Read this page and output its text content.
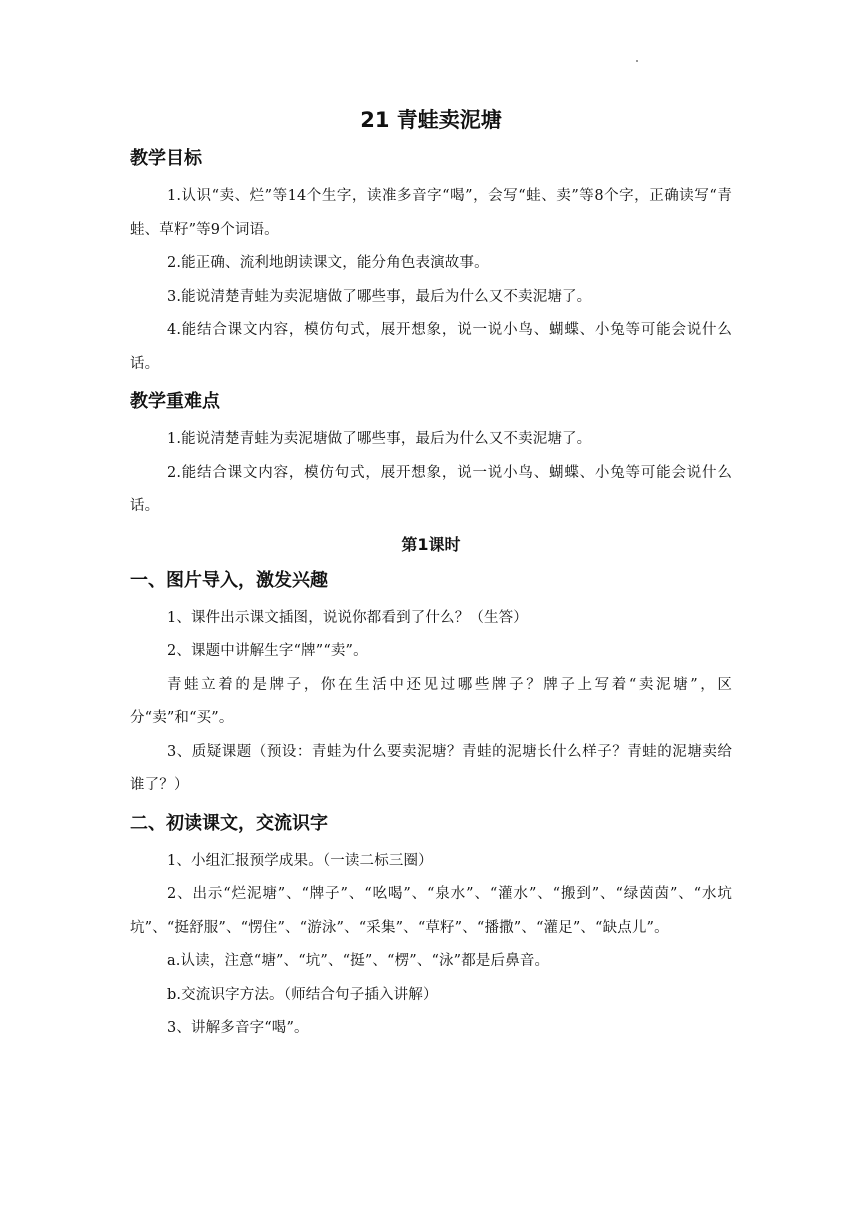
21 青蛙卖泥塘
教学目标

1.认识“卖、烂”等14个生字，读准多音字“喝”，会写“蛙、卖”等8个字，正确读写“青蛙、草籽”等9个词语。

2.能正确、流利地朗读课文，能分角色表演故事。

3.能说清楚青蛙为卖泥塘做了哪些事，最后为什么又不卖泥塘了。

4.能结合课文内容，模仿句式，展开想象，说一说小鸟、蝴蝶、小兔等可能会说什么话。

教学重难点

1.能说清楚青蛙为卖泥塘做了哪些事，最后为什么又不卖泥塘了。

2.能结合课文内容，模仿句式，展开想象，说一说小鸟、蝴蝶、小兔等可能会说什么话。

第1课时
一、图片导入，激发兴趣

1、课件出示课文插图，说说你都看到了什么？（生答）

2、课题中讲解生字“牌”“卖”。

青蛙立着的是牌子，你在生活中还见过哪些牌子？牌子上写着“卖泥塘”，区分“卖”和“买”。

3、质疑课题（预设：青蛙为什么要卖泥塘？青蛙的泥塘长什么样子？青蛙的泥塘卖给谁了？）

二、初读课文，交流识字

1、小组汇报预学成果。（一读二标三圈）

2、出示“烂泥塘”、“牌子”、“吆喝”、“泉水”、“灌水”、“搬到”、“绿茵茵”、“水坑坑”、“挺舒服”、“愣住”、“游泳”、“采集”、“草籽”、“播撒”、“灌足”、“缺点儿”。

a.认读，注意“塘”、“坑”、“挺”、“楞”、“泳”都是后鼻音。

b.交流识字方法。（师结合句子插入讲解）

3、讲解多音字“喝”。
